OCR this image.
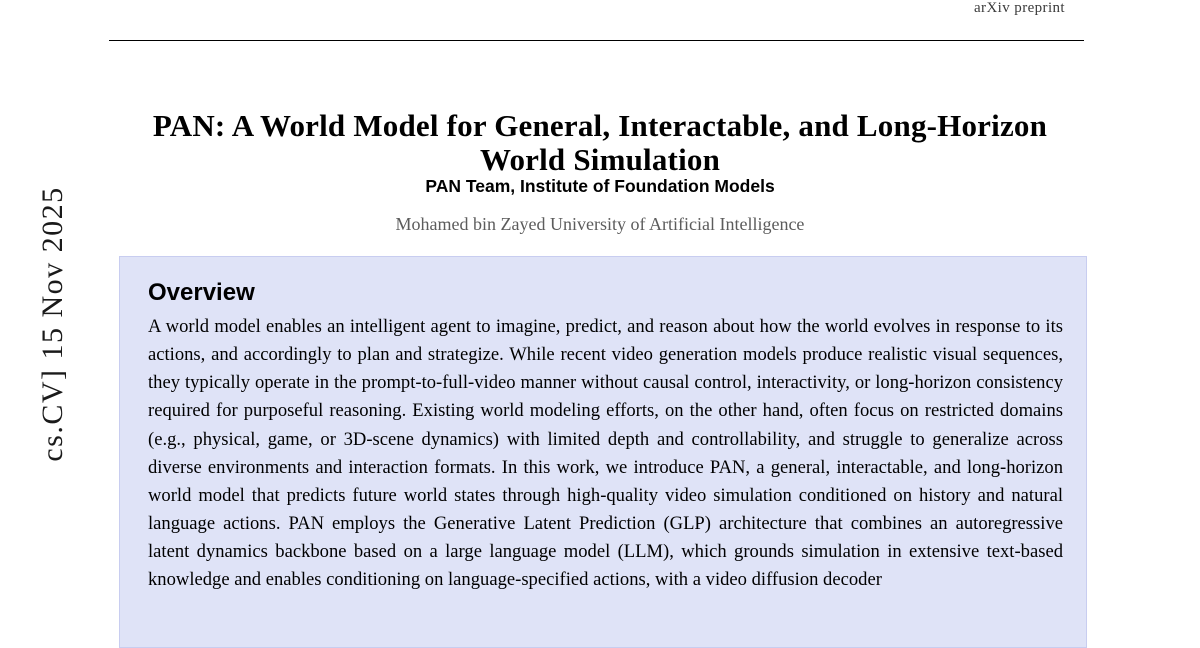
cs.CV] 15 Nov 2025
arXiv preprint
PAN: A World Model for General, Interactable, and Long-Horizon World Simulation
PAN Team, Institute of Foundation Models
Mohamed bin Zayed University of Artificial Intelligence
Overview
A world model enables an intelligent agent to imagine, predict, and reason about how the world evolves in response to its actions, and accordingly to plan and strategize. While recent video generation models produce realistic visual sequences, they typically operate in the prompt-to-full-video manner without causal control, interactivity, or long-horizon consistency required for purposeful reasoning. Existing world modeling efforts, on the other hand, often focus on restricted domains (e.g., physical, game, or 3D-scene dynamics) with limited depth and controllability, and struggle to generalize across diverse environments and interaction formats. In this work, we introduce PAN, a general, interactable, and long-horizon world model that predicts future world states through high-quality video simulation conditioned on history and natural language actions. PAN employs the Generative Latent Prediction (GLP) architecture that combines an autoregressive latent dynamics backbone based on a large language model (LLM), which grounds simulation in extensive text-based knowledge and enables conditioning on language-specified actions, with a video diffusion decoder
